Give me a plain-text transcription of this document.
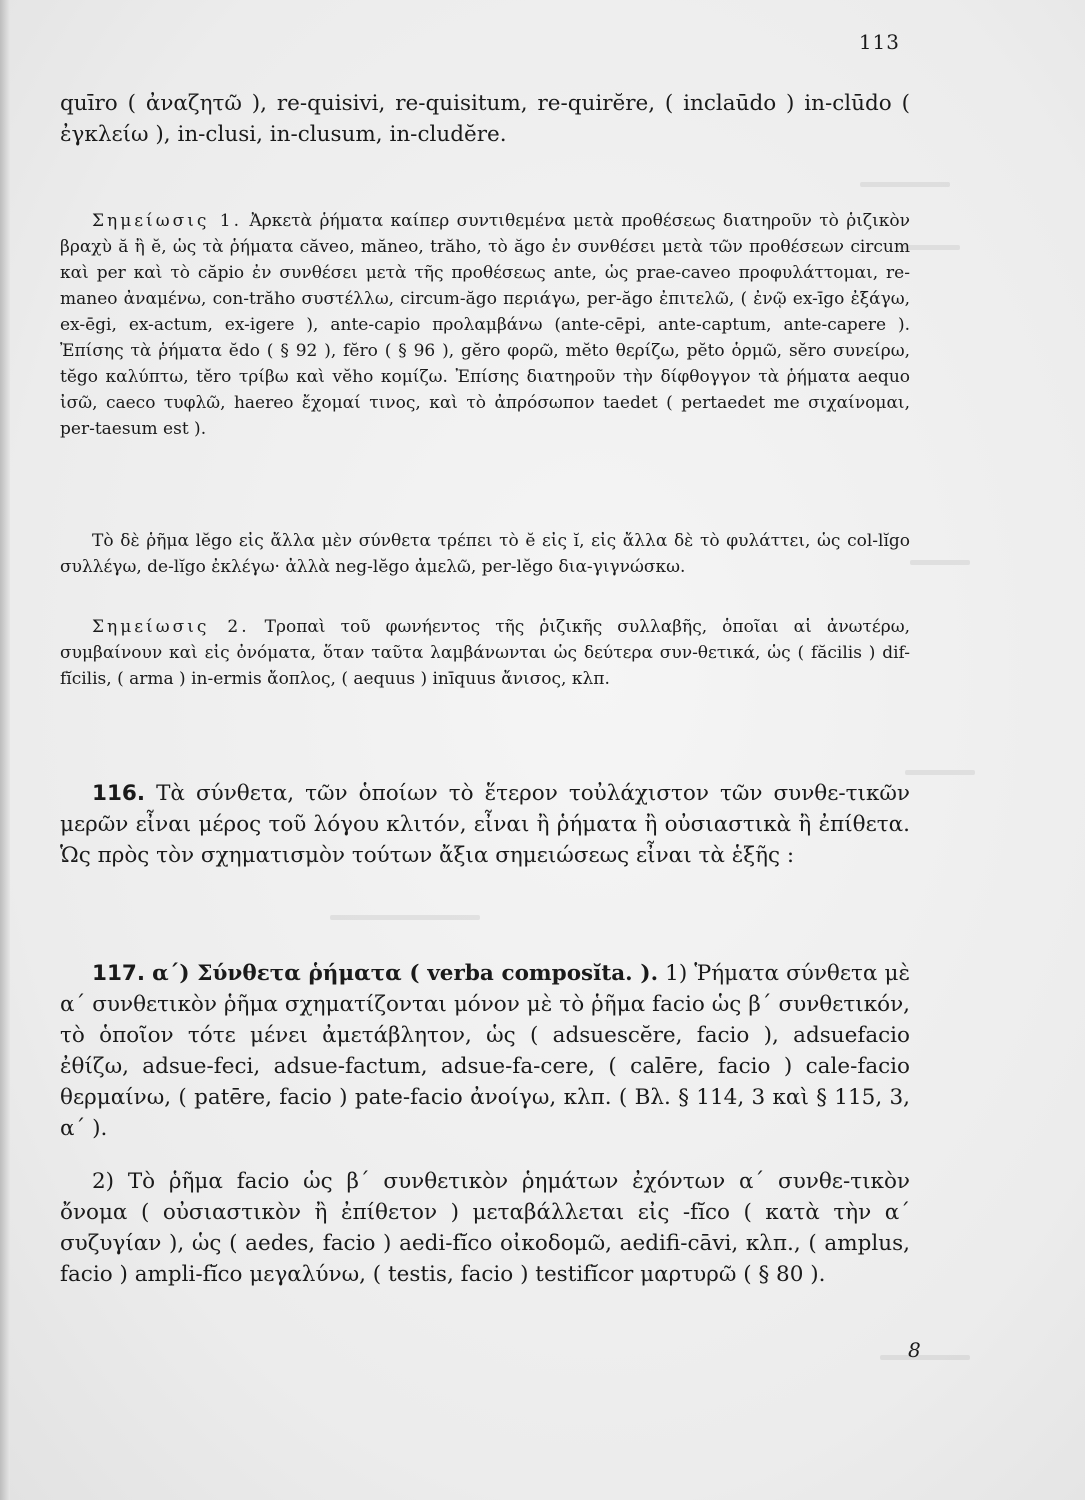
113

quīro ( ἀναζητῶ ), re-quisivi, re-quisitum, re-quirĕre, ( inclaūdo ) in-clūdo ( ἐγκλείω ), in-clusi, in-clusum, in-cludĕre.

Σημείωσις 1. Ἀρκετὰ ῥήματα καίπερ συντιθεμένα μετὰ προθέσεως διατηροῦν τὸ ῥιζικὸν βραχὺ ă ἢ ĕ, ὡς τὰ ῥήματα căveo, măneo, trăho, τὸ ăgo ἐν συνθέσει μετὰ τῶν προθέσεων circum καὶ per καὶ τὸ căpio ἐν συνθέσει μετὰ τῆς προθέσεως ante, ὡς prae-caveo προφυλάττομαι, re-maneo ἀναμένω, con-trăho συστέλλω, circum-ăgo περιάγω, per-ăgo ἐπιτελῶ, ( ἐνῷ ex-īgo ἐξάγω, ex-ēgi, ex-actum, ex-igere ), ante-capio προλαμβάνω (ante-cēpi, ante-captum, ante-capere ). Ἐπίσης τὰ ῥήματα ĕdo ( § 92 ), fĕro ( § 96 ), gĕro φορῶ, mĕto θερίζω, pĕto ὁρμῶ, sĕro συνείρω, tĕgo καλύπτω, tĕro τρίβω καὶ vĕho κομίζω. Ἐπίσης διατηροῦν τὴν δίφθογγον τὰ ῥήματα aequo ἰσῶ, caeco τυφλῶ, haereo ἔχομαί τινος, καὶ τὸ ἀπρόσωπον taedet ( pertaedet me σιχαίνομαι, per-taesum est ).

Τὸ δὲ ῥῆμα lĕgo εἰς ἄλλα μὲν σύνθετα τρέπει τὸ ĕ εἰς ĭ, εἰς ἄλλα δὲ τὸ φυλάττει, ὡς col-lĭgo συλλέγω, de-lĭgo ἐκλέγω· ἀλλὰ neg-lĕgo ἀμελῶ, per-lĕgo δια-γιγνώσκω.

Σημείωσις 2. Τροπαὶ τοῦ φωνήεντος τῆς ῥιζικῆς συλλαβῆς, ὁποῖαι αἱ ἀνωτέρω, συμβαίνουν καὶ εἰς ὀνόματα, ὅταν ταῦτα λαμβάνωνται ὡς δεύτερα συν-θετικά, ὡς ( făcilis ) dif-fĭcilis, ( arma ) in-ermis ἄοπλος, ( aequus ) inīquus ἄνισος, κλπ.

116. Τὰ σύνθετα, τῶν ὁποίων τὸ ἕτερον τοὐλάχιστον τῶν συνθε-τικῶν μερῶν εἶναι μέρος τοῦ λόγου κλιτόν, εἶναι ἢ ῥήματα ἢ οὐσιαστικὰ ἢ ἐπίθετα. Ὡς πρὸς τὸν σχηματισμὸν τούτων ἄξια σημειώσεως εἶναι τὰ ἑξῆς :

117. α΄) Σύνθετα ῥήματα ( verba composĭta. ). 1) Ῥήματα σύνθετα μὲ α΄ συνθετικὸν ῥῆμα σχηματίζονται μόνον μὲ τὸ ῥῆμα facio ὡς β΄ συνθετικόν, τὸ ὁποῖον τότε μένει ἀμετάβλητον, ὡς ( adsuescĕre, facio ), adsuefacio ἐθίζω, adsue-feci, adsue-factum, adsue-fa-cere, ( calēre, facio ) cale-facio θερμαίνω, ( patēre, facio ) pate-facio ἀνοίγω, κλπ. ( Βλ. § 114, 3 καὶ § 115, 3, α΄ ).

2) Τὸ ῥῆμα facio ὡς β΄ συνθετικὸν ῥημάτων ἐχόντων α΄ συνθε-τικὸν ὄνομα ( οὐσιαστικὸν ἢ ἐπίθετον ) μεταβάλλεται εἰς -fĭco ( κατὰ τὴν α΄ συζυγίαν ), ὡς ( aedes, facio ) aedi-fĭco οἰκοδομῶ, aedifi-cāvi, κλπ., ( amplus, facio ) ampli-fĭco μεγαλύνω, ( testis, facio ) testifĭcor μαρτυρῶ ( § 80 ).

8
